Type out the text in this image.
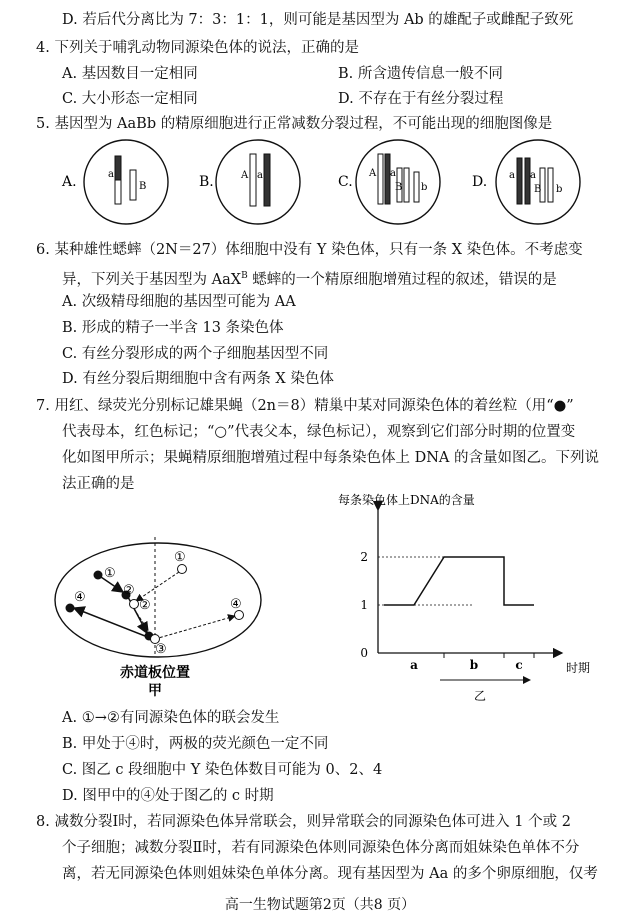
D. 若后代分离比为 7：3：1：1，则可能是基因型为 Ab 的雄配子或雌配子致死
4. 下列关于哺乳动物同源染色体的说法，正确的是
A. 基因数目一定相同	B. 所含遗传信息一般不同
C. 大小形态一定相同	D. 不存在于有丝分裂过程
5. 基因型为 AaBb 的精原细胞进行正常减数分裂过程，不可能出现的细胞图像是
A.	a
B	B.	A a	C.
A a
B b	D. a a
B b
6. 某种雄性蟋蟀（2N＝27）体细胞中没有 Y 染色体，只有一条 X 染色体。不考虑变
异，下列关于基因型为 AaX$^B$ 蟋蟀的一个精原细胞增殖过程的叙述，错误的是
A. 次级精母细胞的基因型可能为 AA
B. 形成的精子一半含 13 条染色体
C. 有丝分裂形成的两个子细胞基因型不同
D. 有丝分裂后期细胞中含有两条 X 染色体
7. 用红、绿荧光分别标记雄果蝇（2n＝8）精巢中某对同源染色体的着丝粒（用“●”
代表母本，红色标记；“○”代表父本，绿色标记），观察到它们部分时期的位置变
化如图甲所示；果蝇精原细胞增殖过程中每条染色体上 DNA 的含量如图乙。下列说
法正确的是
①
②
③
④
①
②	④
赤道板位置
甲
每条染色体上DNA的含量
0
1
2
a	b	c	时期
乙
A. ①→②有同源染色体的联会发生
B. 甲处于④时，两极的荧光颜色一定不同
C. 图乙 c 段细胞中 Y 染色体数目可能为 0、2、4
D. 图甲中的④处于图乙的 c 时期
8. 减数分裂Ⅰ时，若同源染色体异常联会，则异常联会的同源染色体可进入 1 个或 2
个子细胞；减数分裂Ⅱ时，若有同源染色体则同源染色体分离而姐妹染色单体不分
离，若无同源染色体则姐妹染色单体分离。现有基因型为 Aa 的多个卵原细胞，仅考
高一生物试题第2页（共8 页）
